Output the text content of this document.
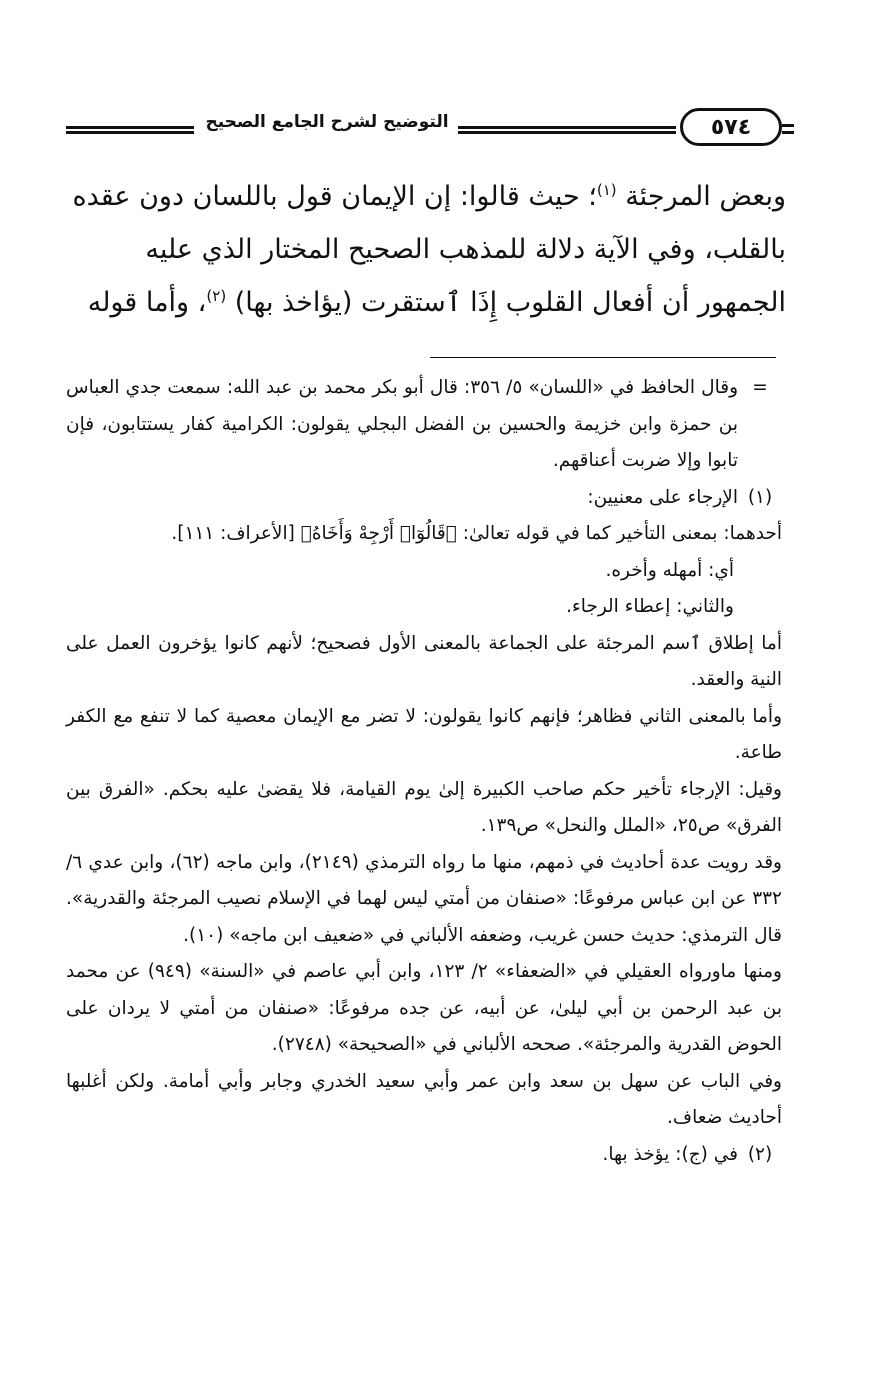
التوضيح لشرح الجامع الصحيح	٥٧٤

وبعض المرجئة $^{(١)}$؛ حيث قالوا: إن الإيمان قول باللسان دون عقده

بالقلب، وفي الآية دلالة للمذهب الصحيح المختار الذي عليه

الجمهور أن أفعال القلوب إِذَا ٱستقرت (يؤاخذ بها) $^{(٢)}$، وأما قوله

=

وقال الحافظ في «اللسان» ٥/ ٣٥٦: قال أبو بكر محمد بن عبد الله: سمعت جدي العباس بن حمزة وابن خزيمة والحسين بن الفضل البجلي يقولون: الكرامية كفار يستتابون، فإن تابوا وإلا ضربت أعناقهم.

(١)

الإرجاء على معنيين:

أحدهما: بمعنى التأخير كما في قوله تعالىٰ: ﴿قَالُوٓا۟ أَرْجِهْ وَأَخَاهُ﴾ [الأعراف: ١١١].

أي: أمهله وأخره.

والثاني: إعطاء الرجاء.

أما إطلاق ٱسم المرجئة على الجماعة بالمعنى الأول فصحيح؛ لأنهم كانوا يؤخرون العمل على النية والعقد.

وأما بالمعنى الثاني فظاهر؛ فإنهم كانوا يقولون: لا تضر مع الإيمان معصية كما لا تنفع مع الكفر طاعة.

وقيل: الإرجاء تأخير حكم صاحب الكبيرة إلىٰ يوم القيامة، فلا يقضىٰ عليه بحكم. «الفرق بين الفرق» ص٢٥، «الملل والنحل» ص١٣٩.

وقد رويت عدة أحاديث في ذمهم، منها ما رواه الترمذي (٢١٤٩)، وابن ماجه (٦٢)، وابن عدي ٦/ ٣٣٢ عن ابن عباس مرفوعًا: «صنفان من أمتي ليس لهما في الإسلام نصيب المرجئة والقدرية». قال الترمذي: حديث حسن غريب، وضعفه الألباني في «ضعيف ابن ماجه» (١٠).

ومنها ماورواه العقيلي في «الضعفاء» ٢/ ١٢٣، وابن أبي عاصم في «السنة» (٩٤٩) عن محمد بن عبد الرحمن بن أبي ليلىٰ، عن أبيه، عن جده مرفوعًا: «صنفان من أمتي لا يردان على الحوض القدرية والمرجئة». صححه الألباني في «الصحيحة» (٢٧٤٨).

وفي الباب عن سهل بن سعد وابن عمر وأبي سعيد الخدري وجابر وأبي أمامة. ولكن أغلبها أحاديث ضعاف.

(٢)

في (ج): يؤخذ بها.
